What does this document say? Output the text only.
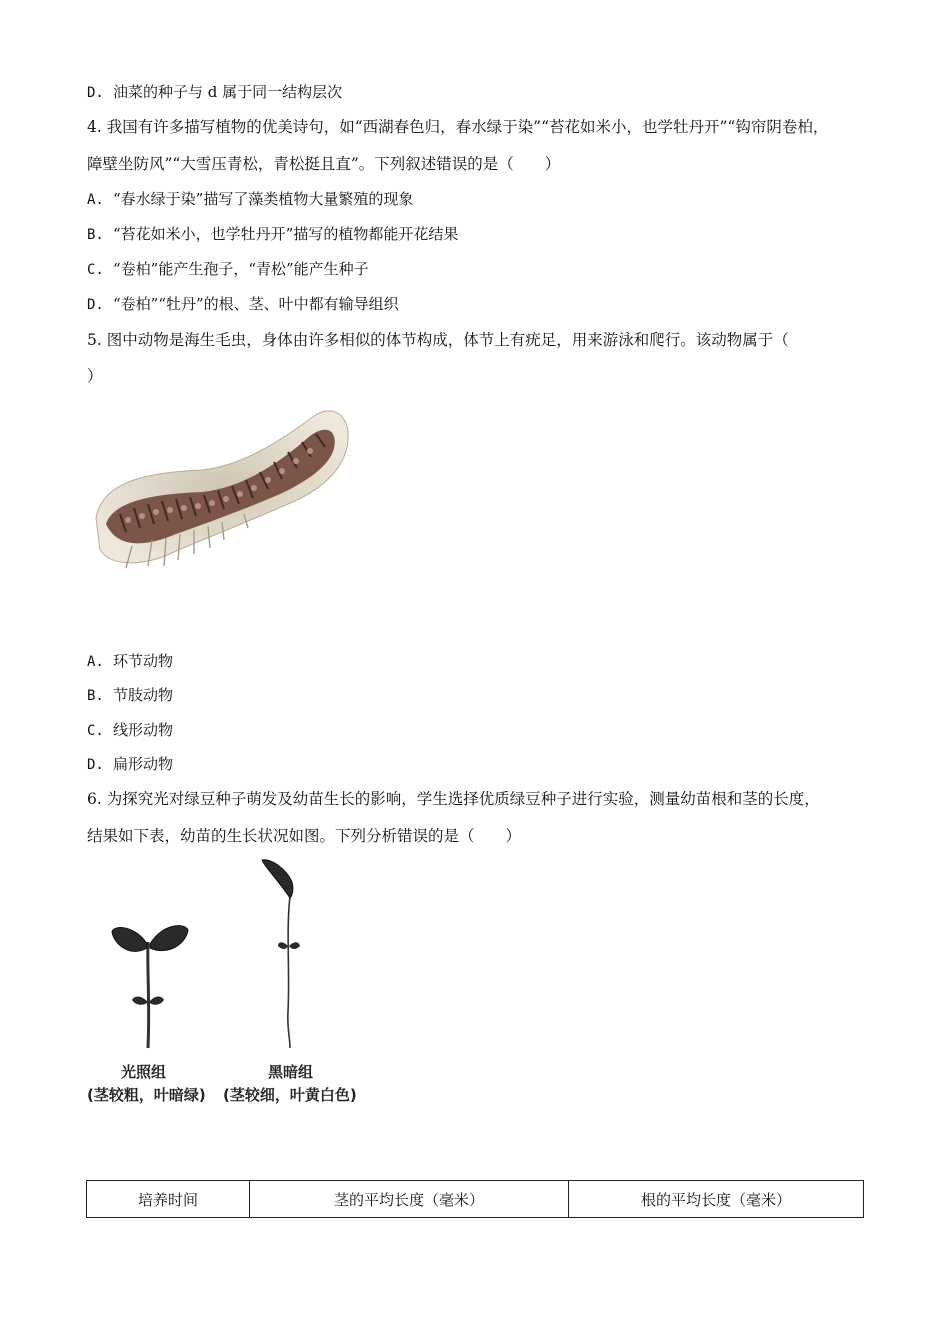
D. 油菜的种子与 d 属于同一结构层次
4. 我国有许多描写植物的优美诗句，如“西湖春色归，春水绿于染”“苔花如米小，也学牡丹开”“钩帘阴卷柏，
障壁坐防风”“大雪压青松，青松挺且直”。下列叙述错误的是（　　）
A. “春水绿于染”描写了藻类植物大量繁殖的现象
B. “苔花如米小，也学牡丹开”描写的植物都能开花结果
C. “卷柏”能产生孢子，“青松”能产生种子
D. “卷柏”“牡丹”的根、茎、叶中都有输导组织
5. 图中动物是海生毛虫，身体由许多相似的体节构成，体节上有疣足，用来游泳和爬行。该动物属于（
）
A. 环节动物
B. 节肢动物
C. 线形动物
D. 扁形动物
6. 为探究光对绿豆种子萌发及幼苗生长的影响，学生选择优质绿豆种子进行实验，测量幼苗根和茎的长度，
结果如下表，幼苗的生长状况如图。下列分析错误的是（　　）
光照组
(茎较粗，叶暗绿)
黑暗组
(茎较细，叶黄白色)
培养时间	茎的平均长度（毫米）	根的平均长度（毫米）
